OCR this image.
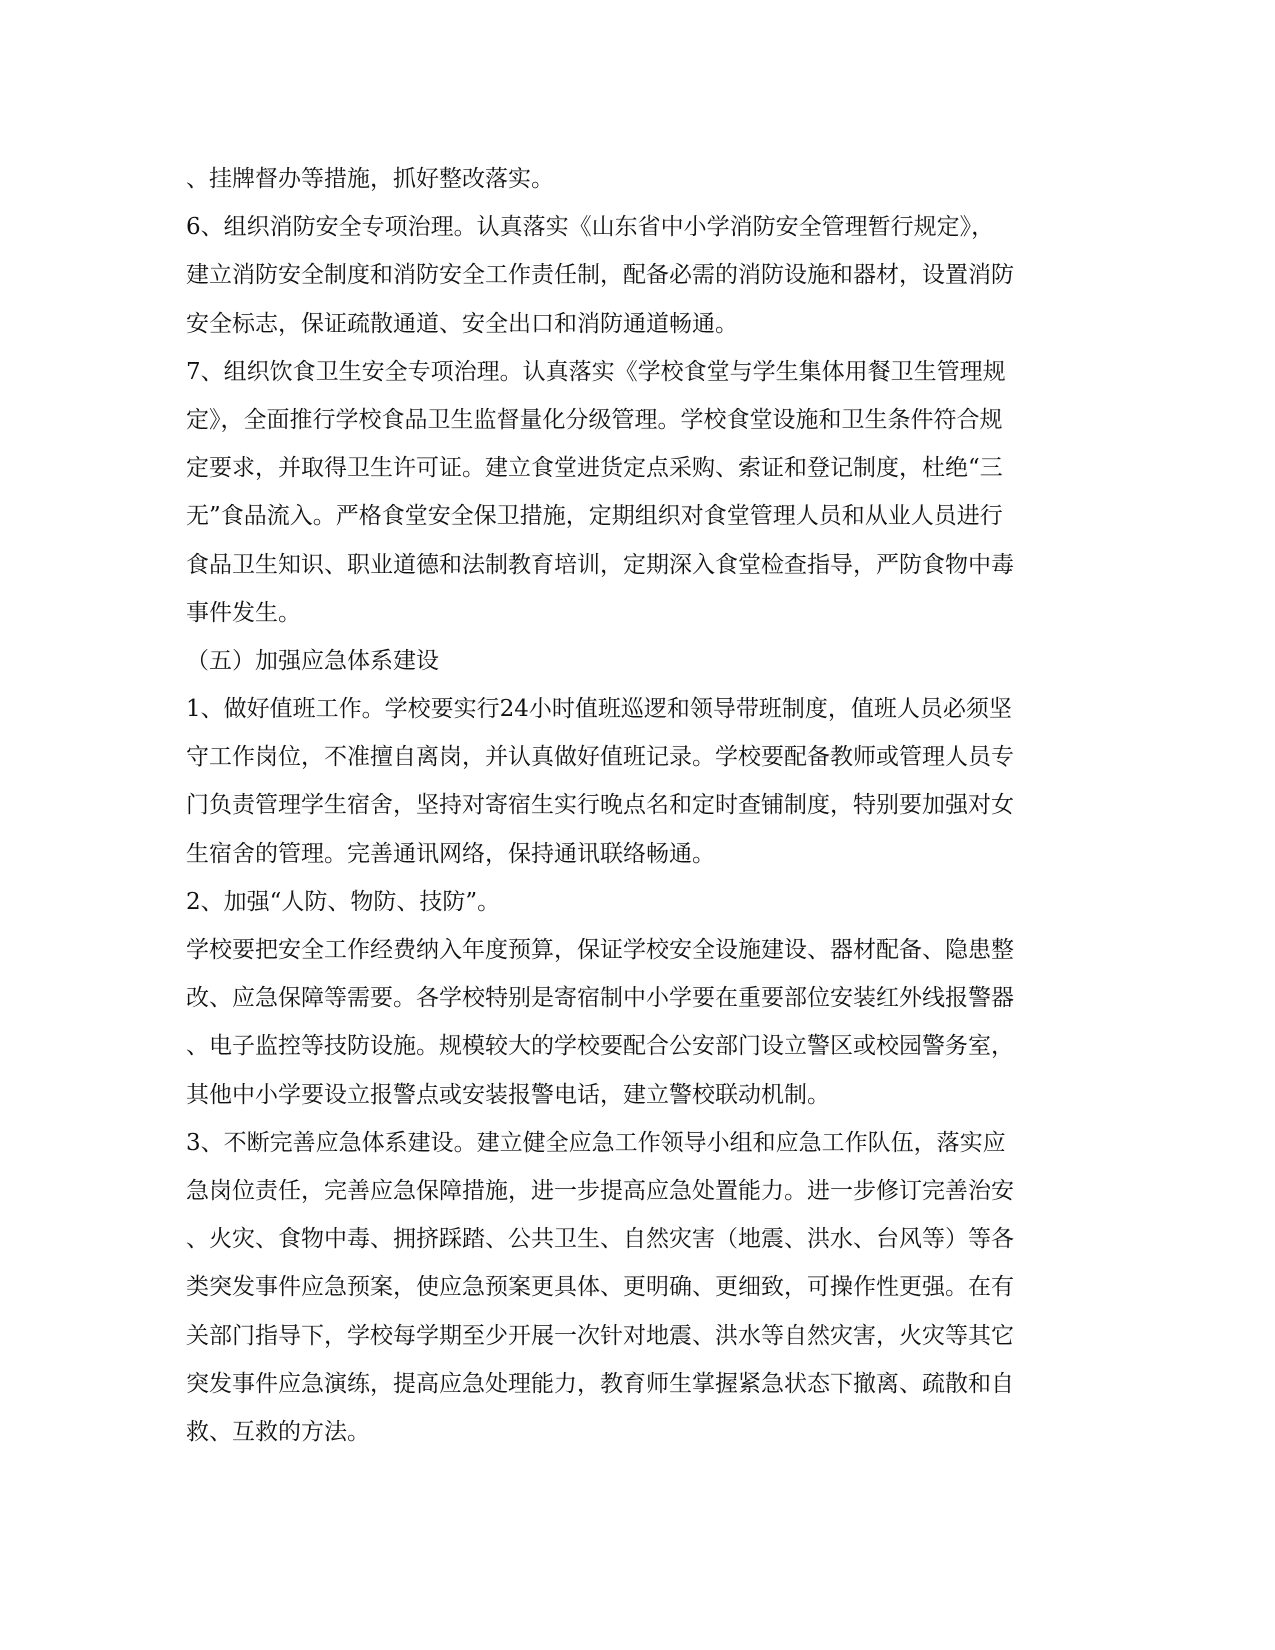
、挂牌督办等措施，抓好整改落实。
6、组织消防安全专项治理。认真落实《山东省中小学消防安全管理暂行规定》，
建立消防安全制度和消防安全工作责任制，配备必需的消防设施和器材，设置消防
安全标志，保证疏散通道、安全出口和消防通道畅通。
7、组织饮食卫生安全专项治理。认真落实《学校食堂与学生集体用餐卫生管理规
定》，全面推行学校食品卫生监督量化分级管理。学校食堂设施和卫生条件符合规
定要求，并取得卫生许可证。建立食堂进货定点采购、索证和登记制度，杜绝“三
无”食品流入。严格食堂安全保卫措施，定期组织对食堂管理人员和从业人员进行
食品卫生知识、职业道德和法制教育培训，定期深入食堂检查指导，严防食物中毒
事件发生。
（五）加强应急体系建设
1、做好值班工作。学校要实行24小时值班巡逻和领导带班制度，值班人员必须坚
守工作岗位，不准擅自离岗，并认真做好值班记录。学校要配备教师或管理人员专
门负责管理学生宿舍，坚持对寄宿生实行晚点名和定时查铺制度，特别要加强对女
生宿舍的管理。完善通讯网络，保持通讯联络畅通。
2、加强“人防、物防、技防”。
学校要把安全工作经费纳入年度预算，保证学校安全设施建设、器材配备、隐患整
改、应急保障等需要。各学校特别是寄宿制中小学要在重要部位安装红外线报警器
、电子监控等技防设施。规模较大的学校要配合公安部门设立警区或校园警务室，
其他中小学要设立报警点或安装报警电话，建立警校联动机制。
3、不断完善应急体系建设。建立健全应急工作领导小组和应急工作队伍，落实应
急岗位责任，完善应急保障措施，进一步提高应急处置能力。进一步修订完善治安
、火灾、食物中毒、拥挤踩踏、公共卫生、自然灾害（地震、洪水、台风等）等各
类突发事件应急预案，使应急预案更具体、更明确、更细致，可操作性更强。在有
关部门指导下，学校每学期至少开展一次针对地震、洪水等自然灾害，火灾等其它
突发事件应急演练，提高应急处理能力，教育师生掌握紧急状态下撤离、疏散和自
救、互救的方法。
